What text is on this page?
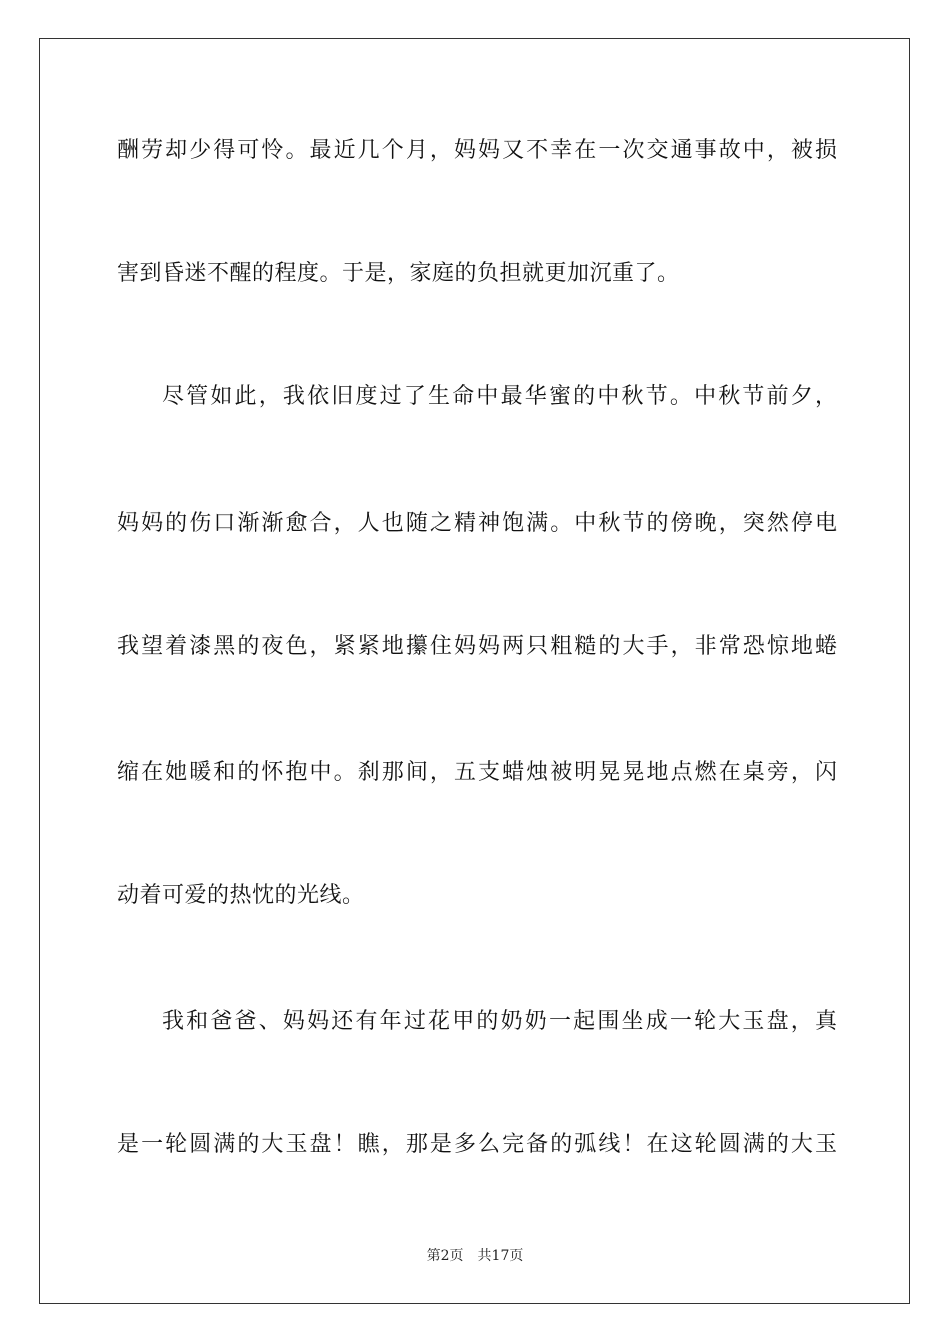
酬劳却少得可怜。最近几个月，妈妈又不幸在一次交通事故中，被损
害到昏迷不醒的程度。于是，家庭的负担就更加沉重了。
尽管如此，我依旧度过了生命中最华蜜的中秋节。中秋节前夕，
妈妈的伤口渐渐愈合，人也随之精神饱满。中秋节的傍晚，突然停电
我望着漆黑的夜色，紧紧地攥住妈妈两只粗糙的大手，非常恐惊地蜷
缩在她暖和的怀抱中。刹那间，五支蜡烛被明晃晃地点燃在桌旁，闪
动着可爱的热忱的光线。
我和爸爸、妈妈还有年过花甲的奶奶一起围坐成一轮大玉盘，真
是一轮圆满的大玉盘！瞧，那是多么完备的弧线！在这轮圆满的大玉
第2页 共17页
